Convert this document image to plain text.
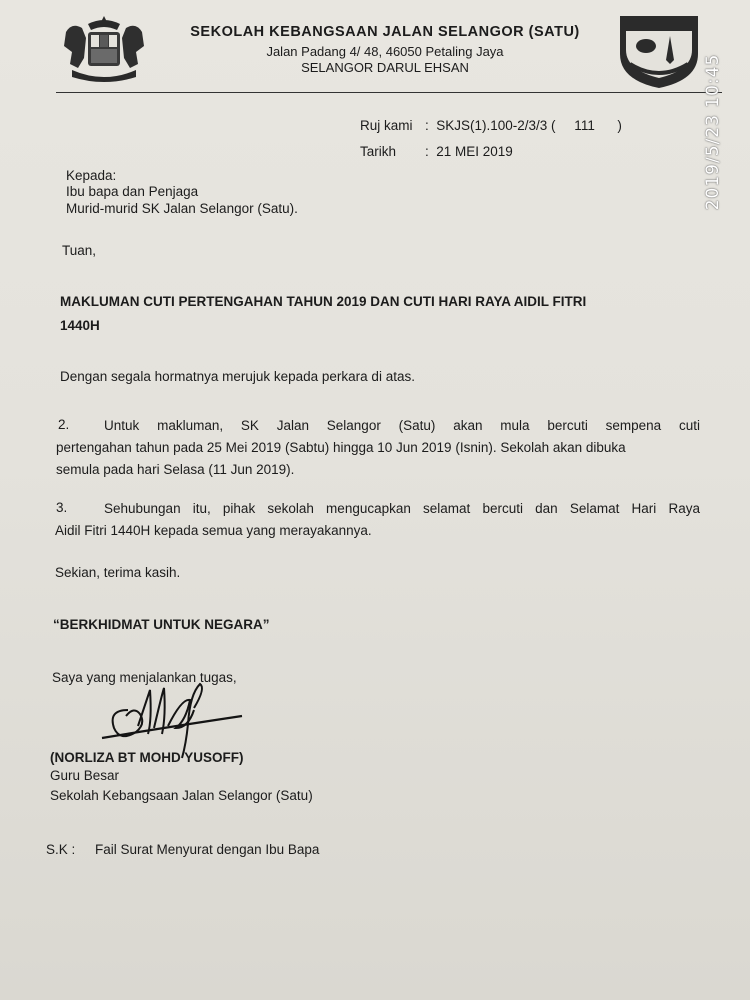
SEKOLAH KEBANGSAAN JALAN SELANGOR (SATU)
Jalan Padang 4/ 48, 46050 Petaling Jaya
SELANGOR DARUL EHSAN
Ruj kami :  SKJS(1).100-2/3/3 (     111      )
Tarikh :  21 MEI 2019
Kepada:
Ibu bapa dan Penjaga
Murid-murid SK Jalan Selangor (Satu).
Tuan,
MAKLUMAN CUTI PERTENGAHAN TAHUN 2019 DAN CUTI HARI RAYA AIDIL FITRI
1440H
Dengan segala hormatnya merujuk kepada perkara di atas.
2.	Untuk makluman, SK Jalan Selangor (Satu) akan mula bercuti sempena cuti
pertengahan tahun pada 25 Mei 2019 (Sabtu) hingga 10 Jun 2019 (Isnin). Sekolah akan dibuka
semula pada hari Selasa (11 Jun 2019).
3.	Sehubungan itu, pihak sekolah mengucapkan selamat bercuti dan Selamat Hari Raya
Aidil Fitri 1440H kepada semua yang merayakannya.
Sekian, terima kasih.
“BERKHIDMAT UNTUK NEGARA”
Saya yang menjalankan tugas,
(NORLIZA BT MOHD YUSOFF)
Guru Besar
Sekolah Kebangsaan Jalan Selangor (Satu)
S.K : Fail Surat Menyurat dengan Ibu Bapa
2019/5/23 10:45
